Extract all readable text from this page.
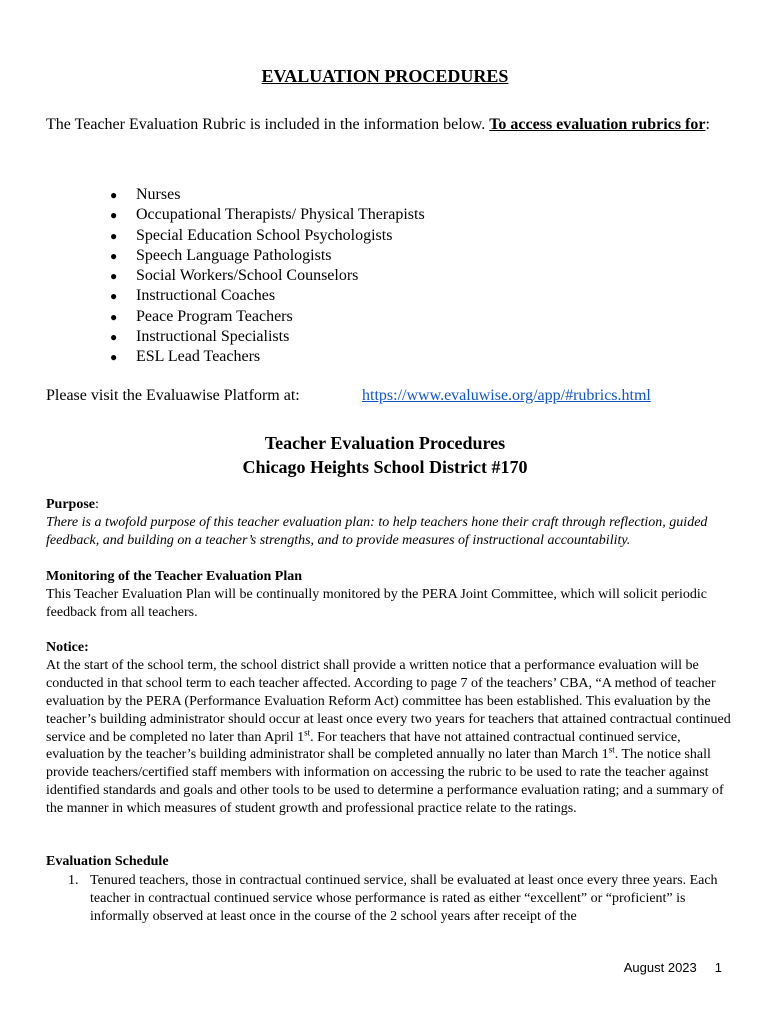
EVALUATION PROCEDURES
The Teacher Evaluation Rubric is included in the information below. To access evaluation rubrics for:
● Nurses
● Occupational Therapists/ Physical Therapists
● Special Education School Psychologists
● Speech Language Pathologists
● Social Workers/School Counselors
● Instructional Coaches
● Peace Program Teachers
● Instructional Specialists
● ESL Lead Teachers
Please visit the Evaluawise Platform at:	https://www.evaluwise.org/app/#rubrics.html
Teacher Evaluation Procedures
Chicago Heights School District #170
Purpose:
There is a twofold purpose of this teacher evaluation plan: to help teachers hone their craft through reflection, guided feedback, and building on a teacher’s strengths, and to provide measures of instructional accountability.
Monitoring of the Teacher Evaluation Plan
This Teacher Evaluation Plan will be continually monitored by the PERA Joint Committee, which will solicit periodic feedback from all teachers.
Notice:
At the start of the school term, the school district shall provide a written notice that a performance evaluation will be conducted in that school term to each teacher affected. According to page 7 of the teachers’ CBA, “A method of teacher evaluation by the PERA (Performance Evaluation Reform Act) committee has been established. This evaluation by the teacher’s building administrator should occur at least once every two years for teachers that attained contractual continued service and be completed no later than April 1st. For teachers that have not attained contractual continued service, evaluation by the teacher’s building administrator shall be completed annually no later than March 1st. The notice shall provide teachers/certified staff members with information on accessing the rubric to be used to rate the teacher against identified standards and goals and other tools to be used to determine a performance evaluation rating; and a summary of the manner in which measures of student growth and professional practice relate to the ratings.
Evaluation Schedule
1. Tenured teachers, those in contractual continued service, shall be evaluated at least once every three years. Each teacher in contractual continued service whose performance is rated as either “excellent” or “proficient” is informally observed at least once in the course of the 2 school years after receipt of the
August 2023 1
